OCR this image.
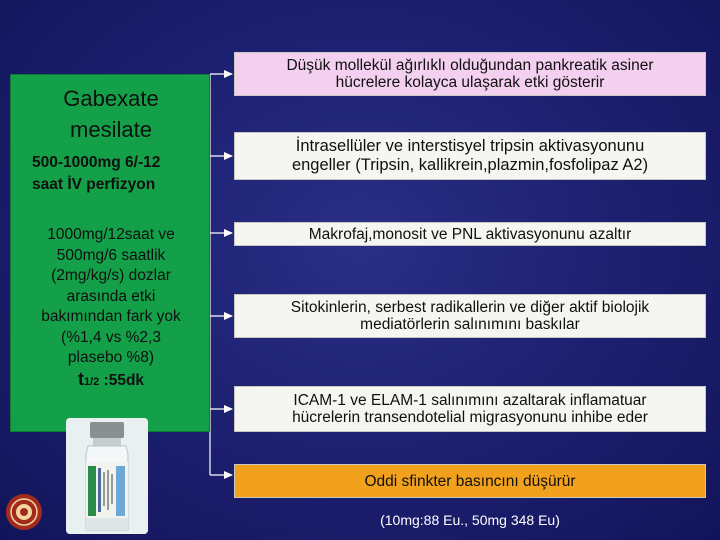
Gabexate
mesilate
500-1000mg 6/-12
saat İV perfizyon
1000mg/12saat ve
500mg/6 saatlik
(2mg/kg/s) dozlar
arasında etki
bakımından fark yok
(%1,4 vs %2,3
plasebo %8)
t1/2 :55dk
Düşük mollekül ağırlıklı olduğundan pankreatik asiner
hücrelere kolayca ulaşarak etki gösterir
İntrasellüler ve interstisyel tripsin aktivasyonunu
engeller (Tripsin, kallikrein,plazmin,fosfolipaz A2)
Makrofaj,monosit ve PNL aktivasyonunu azaltır
Sitokinlerin, serbest radikallerin ve diğer aktif biolojik
mediatörlerin salınımını baskılar
ICAM-1 ve ELAM-1 salınımını azaltarak inflamatuar
hücrelerin transendotelial migrasyonunu inhibe eder
Oddi sfinkter basıncını düşürür
(10mg:88 Eu., 50mg 348 Eu)
